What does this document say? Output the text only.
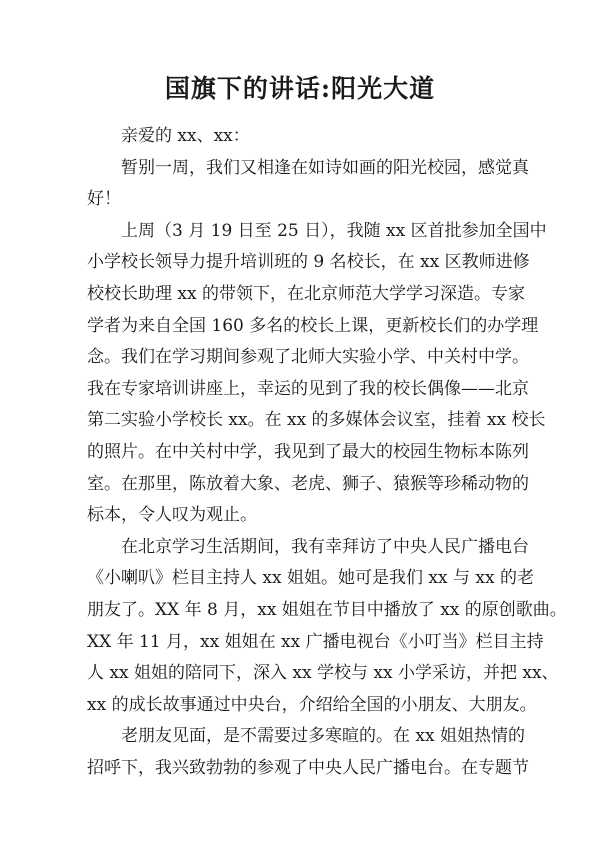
国旗下的讲话:阳光大道
亲爱的 xx、xx：
暂别一周，我们又相逢在如诗如画的阳光校园，感觉真
好！
上周（3 月 19 日至 25 日），我随 xx 区首批参加全国中
小学校长领导力提升培训班的 9 名校长，在 xx 区教师进修
校校长助理 xx 的带领下，在北京师范大学学习深造。专家
学者为来自全国 160 多名的校长上课，更新校长们的办学理
念。我们在学习期间参观了北师大实验小学、中关村中学。
我在专家培训讲座上，幸运的见到了我的校长偶像——北京
第二实验小学校长 xx。在 xx 的多媒体会议室，挂着 xx 校长
的照片。在中关村中学，我见到了最大的校园生物标本陈列
室。在那里，陈放着大象、老虎、狮子、猿猴等珍稀动物的
标本，令人叹为观止。
在北京学习生活期间，我有幸拜访了中央人民广播电台
《小喇叭》栏目主持人 xx 姐姐。她可是我们 xx 与 xx 的老
朋友了。XX 年 8 月，xx 姐姐在节目中播放了 xx 的原创歌曲。
XX 年 11 月，xx 姐姐在 xx 广播电视台《小叮当》栏目主持
人 xx 姐姐的陪同下，深入 xx 学校与 xx 小学采访，并把 xx、
xx 的成长故事通过中央台，介绍给全国的小朋友、大朋友。
老朋友见面，是不需要过多寒暄的。在 xx 姐姐热情的
招呼下，我兴致勃勃的参观了中央人民广播电台。在专题节
